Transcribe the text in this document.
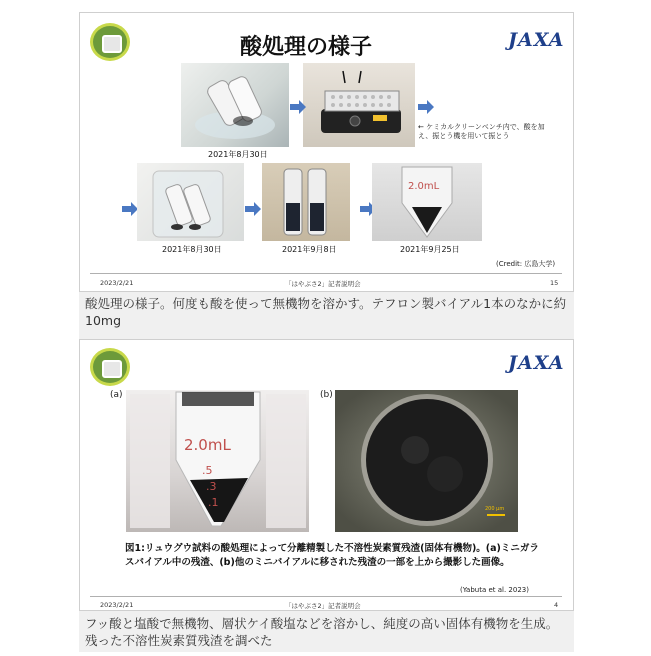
酸処理の様子	JAXA
2021年8月30日
← ケミカルクリーンベンチ内で、酸を加え、振とう機を用いて振とう
2021年8月30日	2021年9月8日
2.0mL
2021年9月25日
(Credit: 広島大学)
2023/2/21	「はやぶさ2」記者説明会	15
酸処理の様子。何度も酸を使って無機物を溶かす。テフロン製バイアル1本のなかに約10mg
JAXA
(a)
2.0mL
.5
.3
.1
(b)
200 μm
図1:リュウグウ試料の酸処理によって分離精製した不溶性炭素質残渣(固体有機物)。(a)ミニガラスバイアル中の残渣、(b)他のミニバイアルに移された残渣の一部を上から撮影した画像。
(Yabuta et al. 2023)
2023/2/21	「はやぶさ2」記者説明会	4
フッ酸と塩酸で無機物、層状ケイ酸塩などを溶かし、純度の高い固体有機物を生成。残った不溶性炭素質残渣を調べた
